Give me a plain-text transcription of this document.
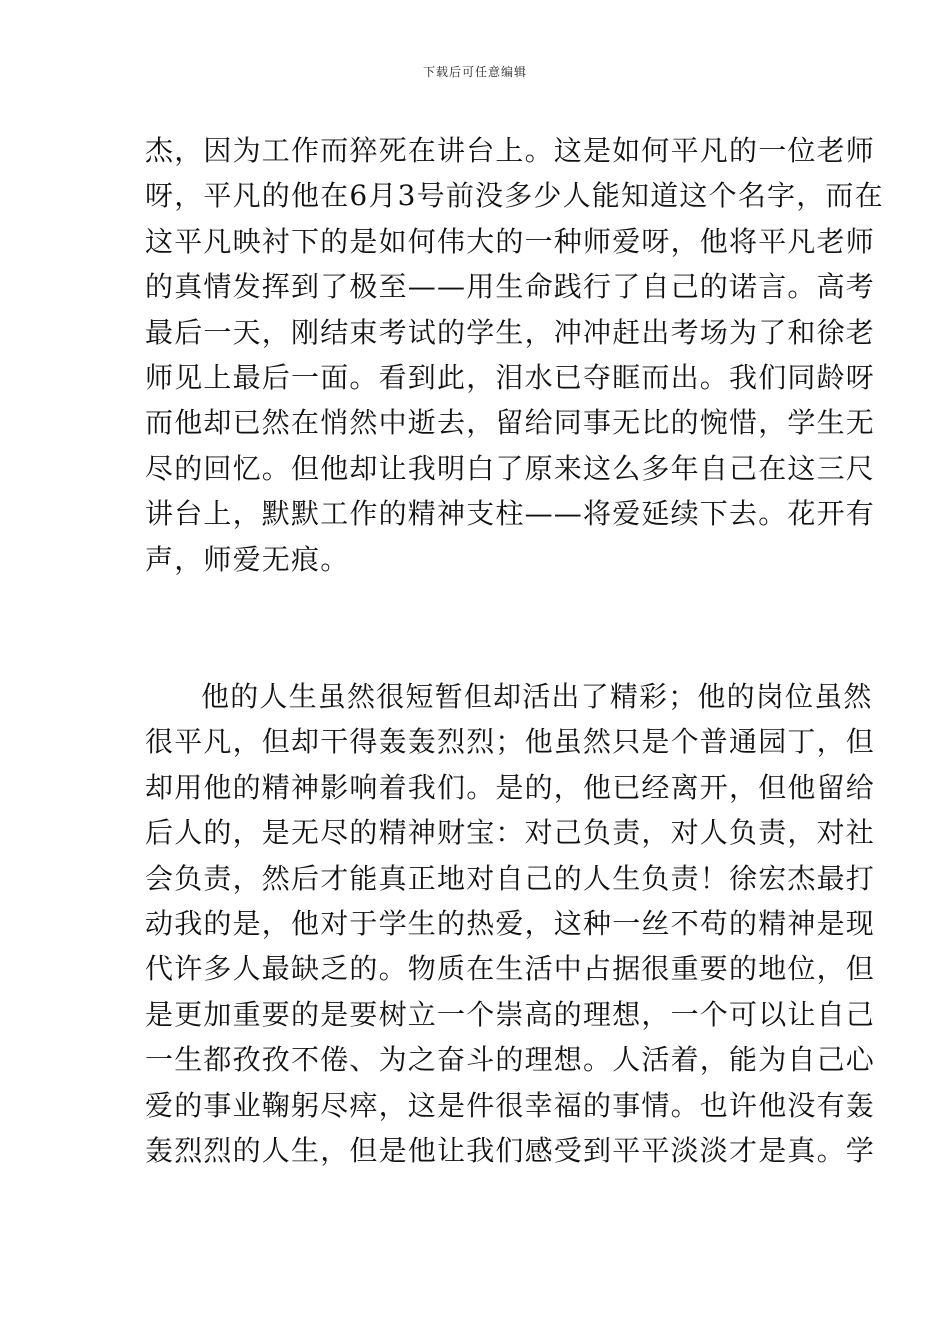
下载后可任意编辑
杰，因为工作而猝死在讲台上。这是如何平凡的一位老师
呀，平凡的他在6月3号前没多少人能知道这个名字，而在
这平凡映衬下的是如何伟大的一种师爱呀，他将平凡老师
的真情发挥到了极至——用生命践行了自己的诺言。高考
最后一天，刚结束考试的学生，冲冲赶出考场为了和徐老
师见上最后一面。看到此，泪水已夺眶而出。我们同龄呀
而他却已然在悄然中逝去，留给同事无比的惋惜，学生无
尽的回忆。但他却让我明白了原来这么多年自己在这三尺
讲台上，默默工作的精神支柱——将爱延续下去。花开有
声，师爱无痕。
他的人生虽然很短暂但却活出了精彩；他的岗位虽然
很平凡，但却干得轰轰烈烈；他虽然只是个普通园丁，但
却用他的精神影响着我们。是的，他已经离开，但他留给
后人的，是无尽的精神财宝：对己负责，对人负责，对社
会负责，然后才能真正地对自己的人生负责！徐宏杰最打
动我的是，他对于学生的热爱，这种一丝不苟的精神是现
代许多人最缺乏的。物质在生活中占据很重要的地位，但
是更加重要的是要树立一个崇高的理想，一个可以让自己
一生都孜孜不倦、为之奋斗的理想。人活着，能为自己心
爱的事业鞠躬尽瘁，这是件很幸福的事情。也许他没有轰
轰烈烈的人生，但是他让我们感受到平平淡淡才是真。学
